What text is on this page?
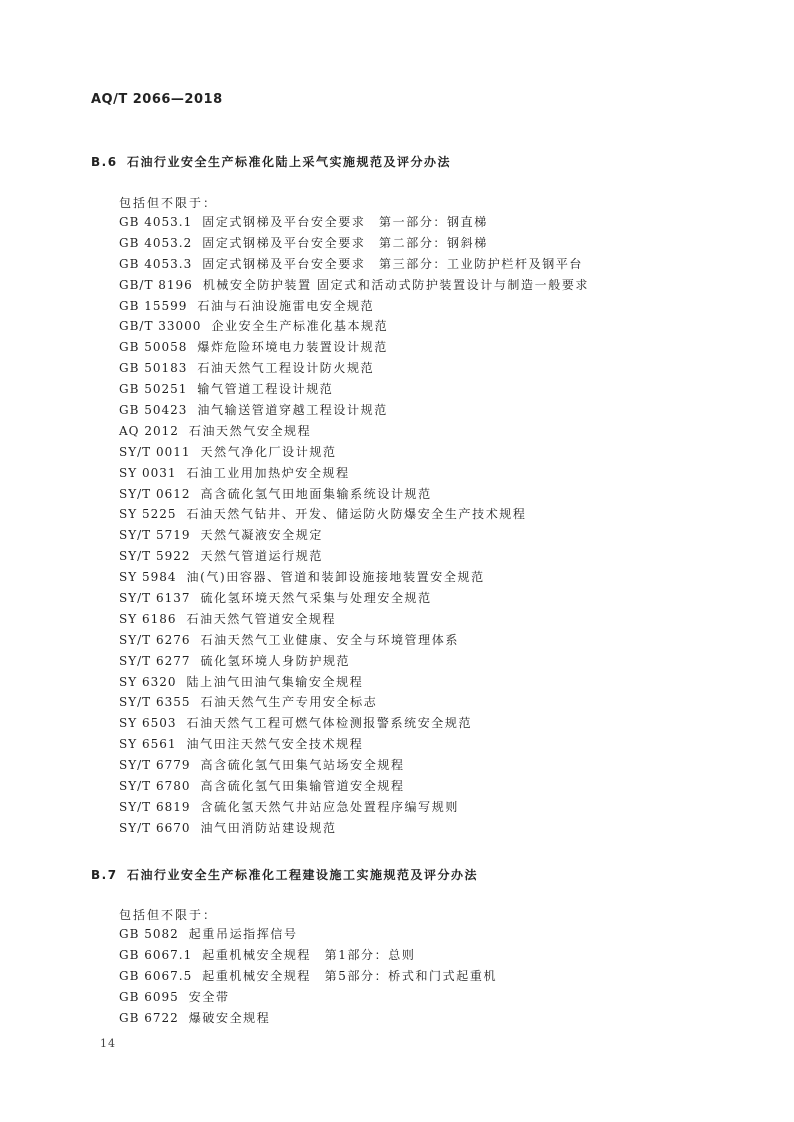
AQ/T 2066—2018
B.6 石油行业安全生产标准化陆上采气实施规范及评分办法
包括但不限于：
GB 4053.1 固定式钢梯及平台安全要求　第一部分：钢直梯
GB 4053.2 固定式钢梯及平台安全要求　第二部分：钢斜梯
GB 4053.3 固定式钢梯及平台安全要求　第三部分：工业防护栏杆及钢平台
GB/T 8196 机械安全防护装置 固定式和活动式防护装置设计与制造一般要求
GB 15599 石油与石油设施雷电安全规范
GB/T 33000 企业安全生产标准化基本规范
GB 50058 爆炸危险环境电力装置设计规范
GB 50183 石油天然气工程设计防火规范
GB 50251 输气管道工程设计规范
GB 50423 油气输送管道穿越工程设计规范
AQ 2012 石油天然气安全规程
SY/T 0011 天然气净化厂设计规范
SY 0031 石油工业用加热炉安全规程
SY/T 0612 高含硫化氢气田地面集输系统设计规范
SY 5225 石油天然气钻井、开发、储运防火防爆安全生产技术规程
SY/T 5719 天然气凝液安全规定
SY/T 5922 天然气管道运行规范
SY 5984 油(气)田容器、管道和装卸设施接地装置安全规范
SY/T 6137 硫化氢环境天然气采集与处理安全规范
SY 6186 石油天然气管道安全规程
SY/T 6276 石油天然气工业健康、安全与环境管理体系
SY/T 6277 硫化氢环境人身防护规范
SY 6320 陆上油气田油气集输安全规程
SY/T 6355 石油天然气生产专用安全标志
SY 6503 石油天然气工程可燃气体检测报警系统安全规范
SY 6561 油气田注天然气安全技术规程
SY/T 6779 高含硫化氢气田集气站场安全规程
SY/T 6780 高含硫化氢气田集输管道安全规程
SY/T 6819 含硫化氢天然气井站应急处置程序编写规则
SY/T 6670 油气田消防站建设规范
B.7 石油行业安全生产标准化工程建设施工实施规范及评分办法
包括但不限于：
GB 5082 起重吊运指挥信号
GB 6067.1 起重机械安全规程　第1部分：总则
GB 6067.5 起重机械安全规程　第5部分：桥式和门式起重机
GB 6095 安全带
GB 6722 爆破安全规程
14
